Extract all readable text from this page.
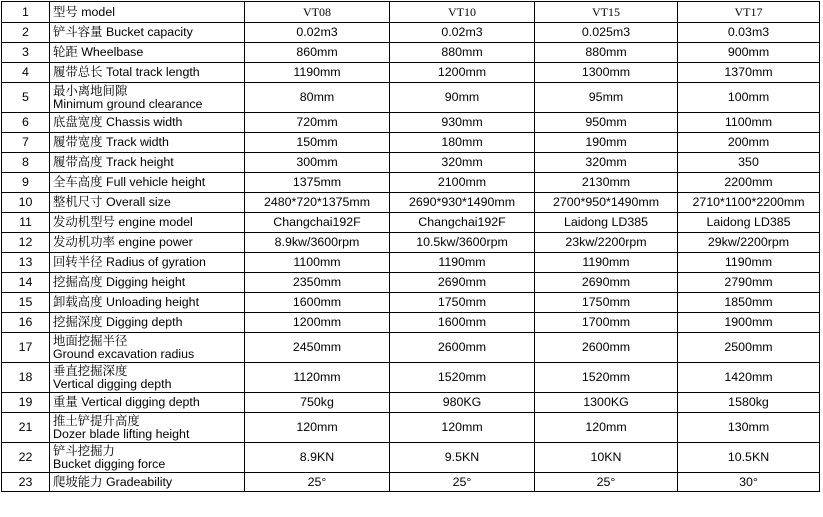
1	型号 model	VT08	VT10	VT15	VT17
2	铲斗容量 Bucket capacity	0.02m3	0.02m3	0.025m3	0.03m3
3	轮距 Wheelbase	860mm	880mm	880mm	900mm
4	履带总长 Total track length	1190mm	1200mm	1300mm	1370mm
5	最小离地间隙
Minimum ground clearance	80mm	90mm	95mm	100mm
6	底盘宽度 Chassis width	720mm	930mm	950mm	1100mm
7	履带宽度 Track width	150mm	180mm	190mm	200mm
8	履带高度 Track height	300mm	320mm	320mm	350
9	全车高度 Full vehicle height	1375mm	2100mm	2130mm	2200mm
10	整机尺寸 Overall size	2480*720*1375mm	2690*930*1490mm	2700*950*1490mm	2710*1100*2200mm
11	发动机型号 engine model	Changchai192F	Changchai192F	Laidong LD385	Laidong LD385
12	发动机功率 engine power	8.9kw/3600rpm	10.5kw/3600rpm	23kw/2200rpm	29kw/2200rpm
13	回转半径 Radius of gyration	1100mm	1190mm	1190mm	1190mm
14	挖掘高度 Digging height	2350mm	2690mm	2690mm	2790mm
15	卸载高度 Unloading height	1600mm	1750mm	1750mm	1850mm
16	挖掘深度 Digging depth	1200mm	1600mm	1700mm	1900mm
17	地面挖掘半径
Ground excavation radius	2450mm	2600mm	2600mm	2500mm
18	垂直挖掘深度
Vertical digging depth	1120mm	1520mm	1520mm	1420mm
19	重量 Vertical digging depth	750kg	980KG	1300KG	1580kg
21	推土铲提升高度
Dozer blade lifting height	120mm	120mm	120mm	130mm
22	铲斗挖掘力
Bucket digging force	8.9KN	9.5KN	10KN	10.5KN
23	爬坡能力 Gradeability	25°	25°	25°	30°
